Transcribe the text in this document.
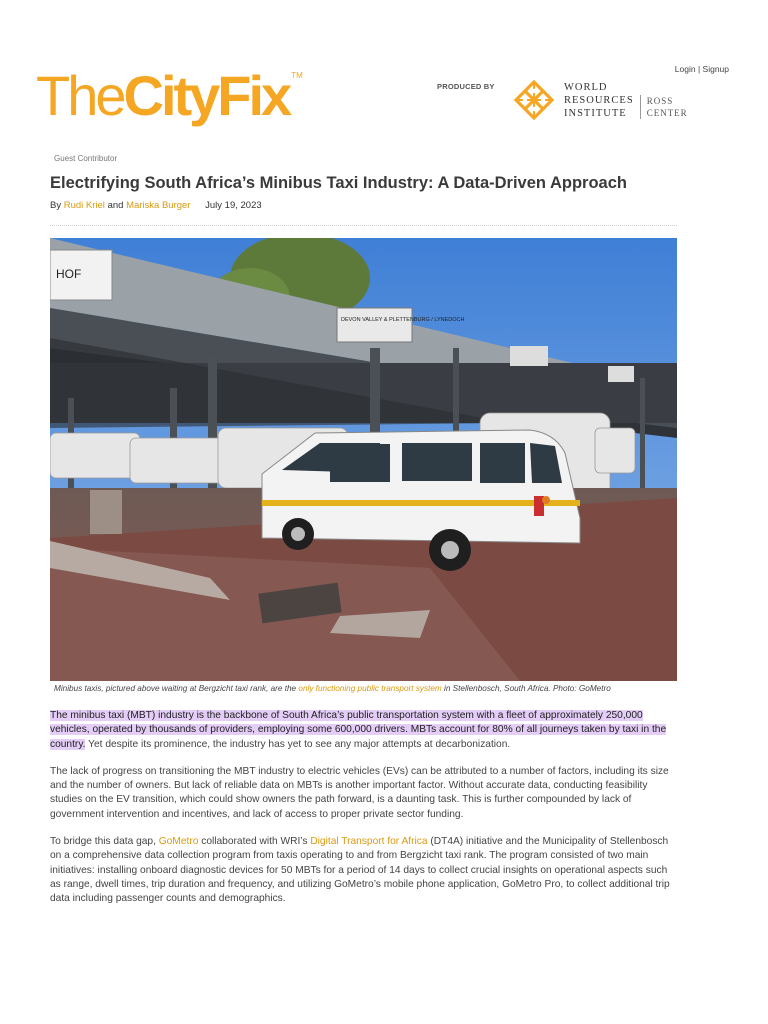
Login | Signup
TheCityFix TM
PRODUCED BY	WORLD
RESOURCES
INSTITUTE
ROSS
CENTER
Guest Contributor
Electrifying South Africa’s Minibus Taxi Industry: A Data-Driven Approach
By Rudi Kriel and Mariska Burger July 19, 2023
HOF
DEVON VALLEY & PLETTENBURG / LYNEDOCH
Minibus taxis, pictured above waiting at Bergzicht taxi rank, are the only functioning public transport system in Stellenbosch, South Africa. Photo: GoMetro

The minibus taxi (MBT) industry is the backbone of South Africa’s public transportation system with a fleet of approximately 250,000 vehicles, operated by thousands of providers, employing some 600,000 drivers. MBTs account for 80% of all journeys taken by taxi in the country. Yet despite its prominence, the industry has yet to see any major attempts at decarbonization.

The lack of progress on transitioning the MBT industry to electric vehicles (EVs) can be attributed to a number of factors, including its size and the number of owners. But lack of reliable data on MBTs is another important factor. Without accurate data, conducting feasibility studies on the EV transition, which could show owners the path forward, is a daunting task. This is further compounded by lack of government intervention and incentives, and lack of access to proper private sector funding.

To bridge this data gap, GoMetro collaborated with WRI’s Digital Transport for Africa (DT4A) initiative and the Municipality of Stellenbosch on a comprehensive data collection program from taxis operating to and from Bergzicht taxi rank. The program consisted of two main initiatives: installing onboard diagnostic devices for 50 MBTs for a period of 14 days to collect crucial insights on operational aspects such as range, dwell times, trip duration and frequency, and utilizing GoMetro’s mobile phone application, GoMetro Pro, to collect additional trip data including passenger counts and demographics.
